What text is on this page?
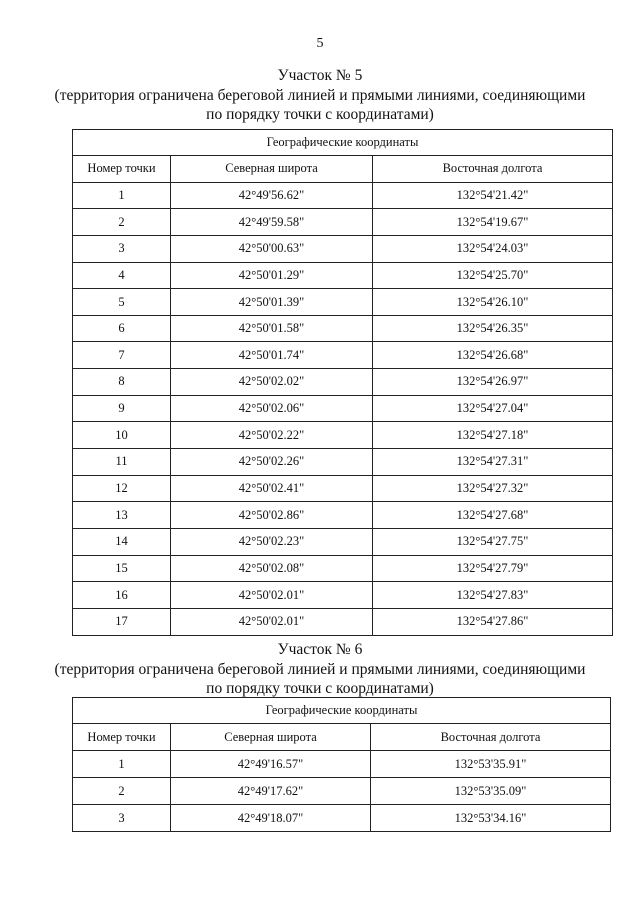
5
Участок № 5
(территория ограничена береговой линией и прямыми линиями, соединяющими
по порядку точки с координатами)
Географические координаты		
Номер точки	Северная широта	Восточная долгота
1	42°49'56.62"	132°54'21.42"
2	42°49'59.58"	132°54'19.67"
3	42°50'00.63"	132°54'24.03"
4	42°50'01.29"	132°54'25.70"
5	42°50'01.39"	132°54'26.10"
6	42°50'01.58"	132°54'26.35"
7	42°50'01.74"	132°54'26.68"
8	42°50'02.02"	132°54'26.97"
9	42°50'02.06"	132°54'27.04"
10	42°50'02.22"	132°54'27.18"
11	42°50'02.26"	132°54'27.31"
12	42°50'02.41"	132°54'27.32"
13	42°50'02.86"	132°54'27.68"
14	42°50'02.23"	132°54'27.75"
15	42°50'02.08"	132°54'27.79"
16	42°50'02.01"	132°54'27.83"
17	42°50'02.01"	132°54'27.86"
Участок № 6
(территория ограничена береговой линией и прямыми линиями, соединяющими
по порядку точки с координатами)
Географические координаты		
Номер точки	Северная широта	Восточная долгота
1	42°49'16.57"	132°53'35.91"
2	42°49'17.62"	132°53'35.09"
3	42°49'18.07"	132°53'34.16"
